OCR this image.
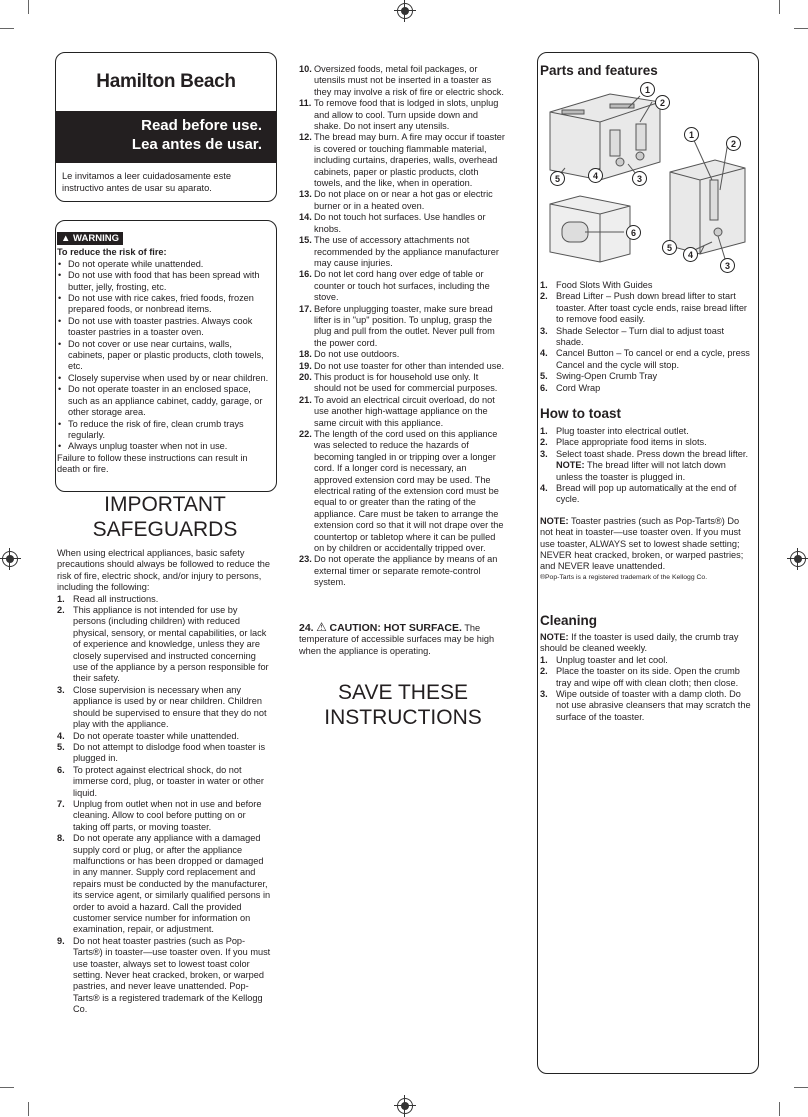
Hamilton Beach
Read before use.
Lea antes de usar.
Le invitamos a leer cuidadosamente este instructivo antes de usar su aparato.
▲ WARNING

To reduce the risk of fire:

• Do not operate while unattended.
• Do not use with food that has been spread with butter, jelly, frosting, etc.
• Do not use with rice cakes, fried foods, frozen prepared foods, or nonbread items.
• Do not use with toaster pastries. Always cook toaster pastries in a toaster oven.
• Do not cover or use near curtains, walls, cabinets, paper or plastic products, cloth towels, etc.
• Closely supervise when used by or near children.
• Do not operate toaster in an enclosed space, such as an appliance cabinet, caddy, garage, or other storage area.
• To reduce the risk of fire, clean crumb trays regularly.
• Always unplug toaster when not in use.

Failure to follow these instructions can result in death or fire.

IMPORTANT
SAFEGUARDS

When using electrical appliances, basic safety precautions should always be followed to reduce the risk of fire, electric shock, and/or injury to persons, including the following:

1. Read all instructions.
2. This appliance is not intended for use by persons (including children) with reduced physical, sensory, or mental capabilities, or lack of experience and knowledge, unless they are closely supervised and instructed concerning use of the appliance by a person responsible for their safety.
3. Close supervision is necessary when any appliance is used by or near children. Children should be supervised to ensure that they do not play with the appliance.
4. Do not operate toaster while unattended.
5. Do not attempt to dislodge food when toaster is plugged in.
6. To protect against electrical shock, do not immerse cord, plug, or toaster in water or other liquid.
7. Unplug from outlet when not in use and before cleaning. Allow to cool before putting on or taking off parts, or moving toaster.
8. Do not operate any appliance with a damaged supply cord or plug, or after the appliance malfunctions or has been dropped or damaged in any manner. Supply cord replacement and repairs must be conducted by the manufacturer, its service agent, or similarly qualified persons in order to avoid a hazard. Call the provided customer service number for information on examination, repair, or adjustment.
9. Do not heat toaster pastries (such as Pop-Tarts®) in toaster—use toaster oven. If you must use toaster, always set to lowest toast color setting. Never heat cracked, broken, or warped pastries, and never leave unattended. Pop-Tarts® is a registered trademark of the Kellogg Co.
10. Oversized foods, metal foil packages, or utensils must not be inserted in a toaster as they may involve a risk of fire or electric shock.
11. To remove food that is lodged in slots, unplug and allow to cool. Turn upside down and shake. Do not insert any utensils.
12. The bread may burn. A fire may occur if toaster is covered or touching flammable material, including curtains, draperies, walls, overhead cabinets, paper or plastic products, cloth towels, and the like, when in operation.
13. Do not place on or near a hot gas or electric burner or in a heated oven.
14. Do not touch hot surfaces. Use handles or knobs.
15. The use of accessory attachments not recommended by the appliance manufacturer may cause injuries.
16. Do not let cord hang over edge of table or counter or touch hot surfaces, including the stove.
17. Before unplugging toaster, make sure bread lifter is in "up" position. To unplug, grasp the plug and pull from the outlet. Never pull from the power cord.
18. Do not use outdoors.
19. Do not use toaster for other than intended use.
20. This product is for household use only. It should not be used for commercial purposes.
21. To avoid an electrical circuit overload, do not use another high-wattage appliance on the same circuit with this appliance.
22. The length of the cord used on this appliance was selected to reduce the hazards of becoming tangled in or tripping over a longer cord. If a longer cord is necessary, an approved extension cord may be used. The electrical rating of the extension cord must be equal to or greater than the rating of the appliance. Care must be taken to arrange the extension cord so that it will not drape over the countertop or tabletop where it can be pulled on by children or accidentally tripped over.
23. Do not operate the appliance by means of an external timer or separate remote-control system.

24. ⚠ CAUTION: HOT SURFACE. The temperature of accessible surfaces may be high when the appliance is operating.

SAVE THESE
INSTRUCTIONS
Parts and features
1
2
3
4
5
1
2
3
4
5
6
1. Food Slots With Guides
2. Bread Lifter – Push down bread lifter to start toaster. After toast cycle ends, raise bread lifter to remove food easily.
3. Shade Selector – Turn dial to adjust toast shade.
4. Cancel Button – To cancel or end a cycle, press Cancel and the cycle will stop.
5. Swing-Open Crumb Tray
6. Cord Wrap
How to toast
1. Plug toaster into electrical outlet.
2. Place appropriate food items in slots.
3. Select toast shade. Press down the bread lifter.
NOTE: The bread lifter will not latch down unless the toaster is plugged in.
4. Bread will pop up automatically at the end of cycle.

NOTE: Toaster pastries (such as Pop-Tarts®) Do not heat in toaster—use toaster oven. If you must use toaster, ALWAYS set to lowest shade setting; NEVER heat cracked, broken, or warped pastries; and NEVER leave unattended.

®Pop-Tarts is a registered trademark of the Kellogg Co.

Cleaning

NOTE: If the toaster is used daily, the crumb tray should be cleaned weekly.

1. Unplug toaster and let cool.
2. Place the toaster on its side. Open the crumb tray and wipe off with clean cloth; then close.
3. Wipe outside of toaster with a damp cloth. Do not use abrasive cleansers that may scratch the surface of the toaster.
